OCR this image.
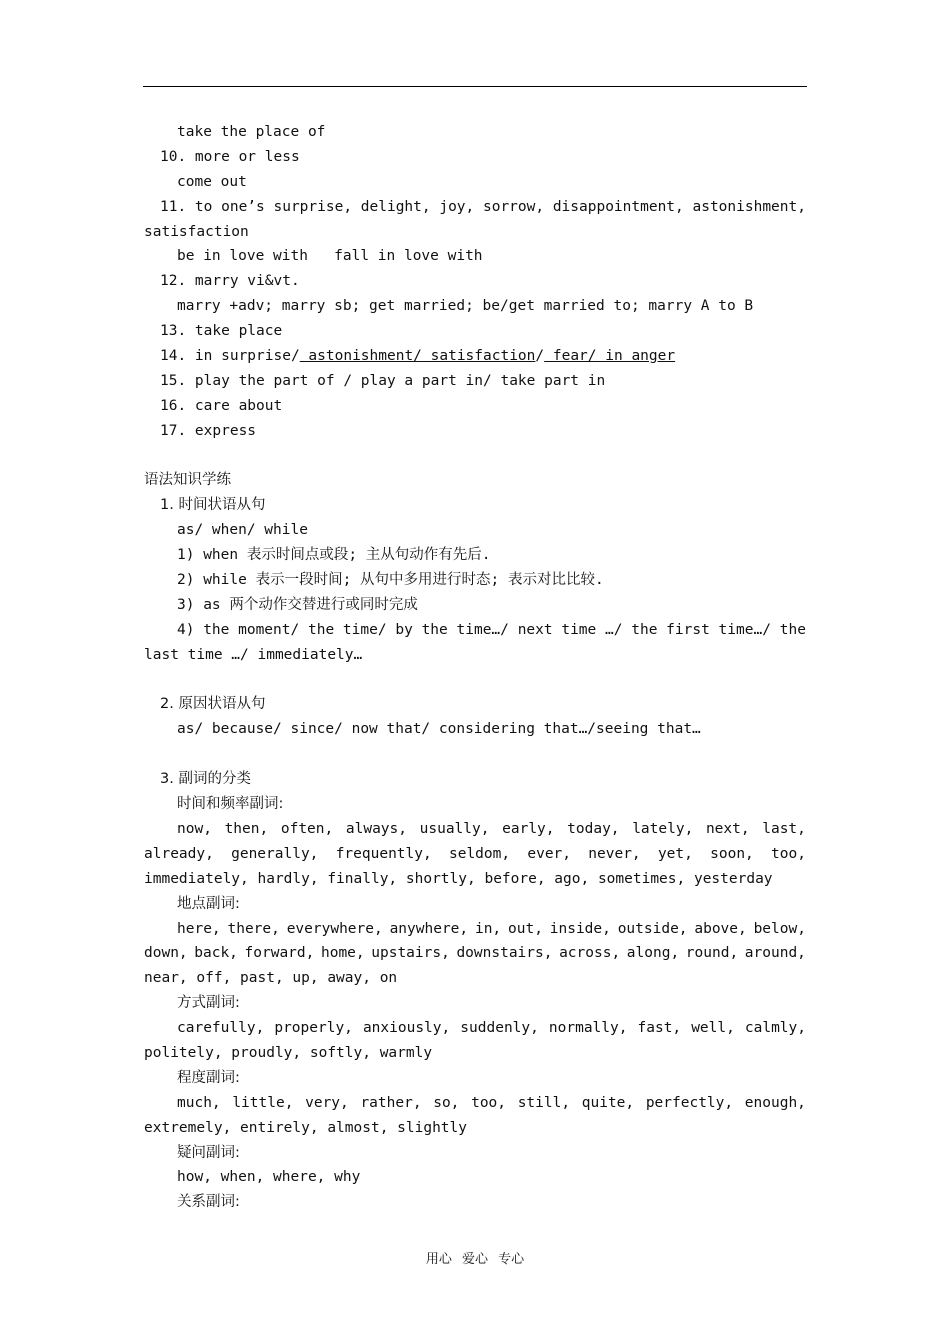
take the place of
10. more or less
come out
11. to one’s surprise, delight, joy, sorrow, disappointment, astonishment,
satisfaction
be in love with   fall in love with
12. marry vi&vt.
marry +adv; marry sb; get married; be/get married to; marry A to B
13. take place
14. in surprise/ astonishment/ satisfaction/ fear/ in anger
15. play the part of / play a part in/ take part in
16. care about
17. express
语法知识学练
1. 时间状语从句
as/ when/ while
1) when 表示时间点或段; 主从句动作有先后.
2) while 表示一段时间; 从句中多用进行时态; 表示对比比较.
3) as 两个动作交替进行或同时完成
4) the moment/ the time/ by the time…/ next time …/ the first time…/ the
last time …/ immediately…
2. 原因状语从句
as/ because/ since/ now that/ considering that…/seeing that…
3. 副词的分类
时间和频率副词:
now, then, often, always, usually, early, today, lately, next, last,
already, generally, frequently, seldom, ever, never, yet, soon, too,
immediately, hardly, finally, shortly, before, ago, sometimes, yesterday
地点副词:
here, there, everywhere, anywhere, in, out, inside, outside, above, below,
down, back, forward, home, upstairs, downstairs, across, along, round, around,
near, off, past, up, away, on
方式副词:
carefully, properly, anxiously, suddenly, normally, fast, well, calmly,
politely, proudly, softly, warmly
程度副词:
much, little, very, rather, so, too, still, quite, perfectly, enough,
extremely, entirely, almost, slightly
疑问副词:
how, when, where, why
关系副词:
用心 爱心 专心
